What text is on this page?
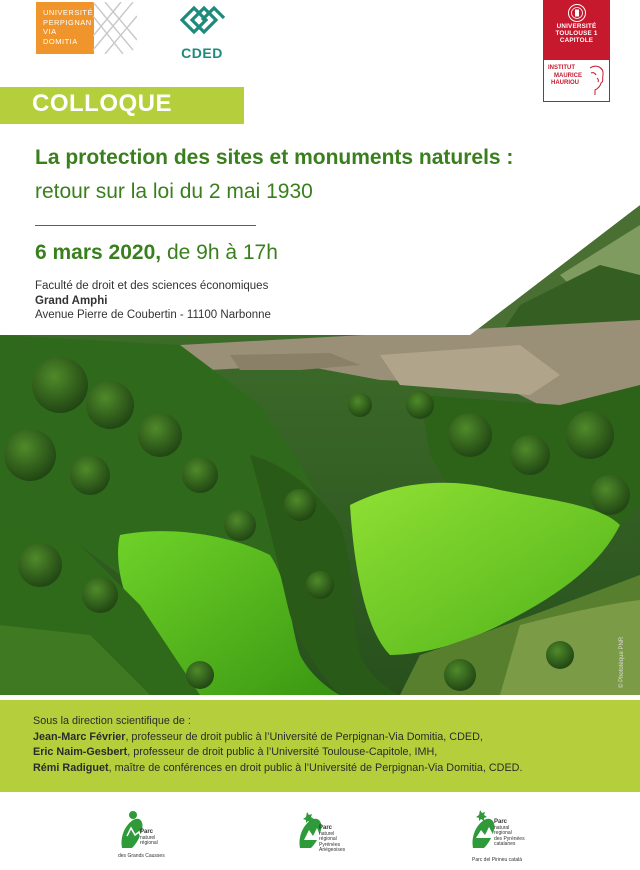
UNIVERSITÉ
PERPIGNAN
VIA
DOMITIA
CDED
UNIVERSITÉ
TOULOUSE 1
CAPITOLE
INSTITUT
MAURICE
HAURIOU
© Phototèque PNR
COLLOQUE
La protection des sites et monuments naturels :
retour sur la loi du 2 mai 1930
6 mars 2020, de 9h à 17h
Faculté de droit et des sciences économiques
Grand Amphi
Avenue Pierre de Coubertin - 11100 Narbonne

Sous la direction scientifique de :

Jean-Marc Février, professeur de droit public à l’Université de Perpignan-Via Domitia, CDED,

Eric Naim-Gesbert, professeur de droit public à l’Université Toulouse-Capitole, IMH,

Rémi Radiguet, maître de conférences en droit public à l’Université de Perpignan-Via Domitia, CDED.

Parc
naturel
régional
des Grands Causses
Parc
naturel
régional
Pyrénées
Ariégeoises
Parc
natural
regional
des Pyrénées
catalanes
Parc del Pirineu català
